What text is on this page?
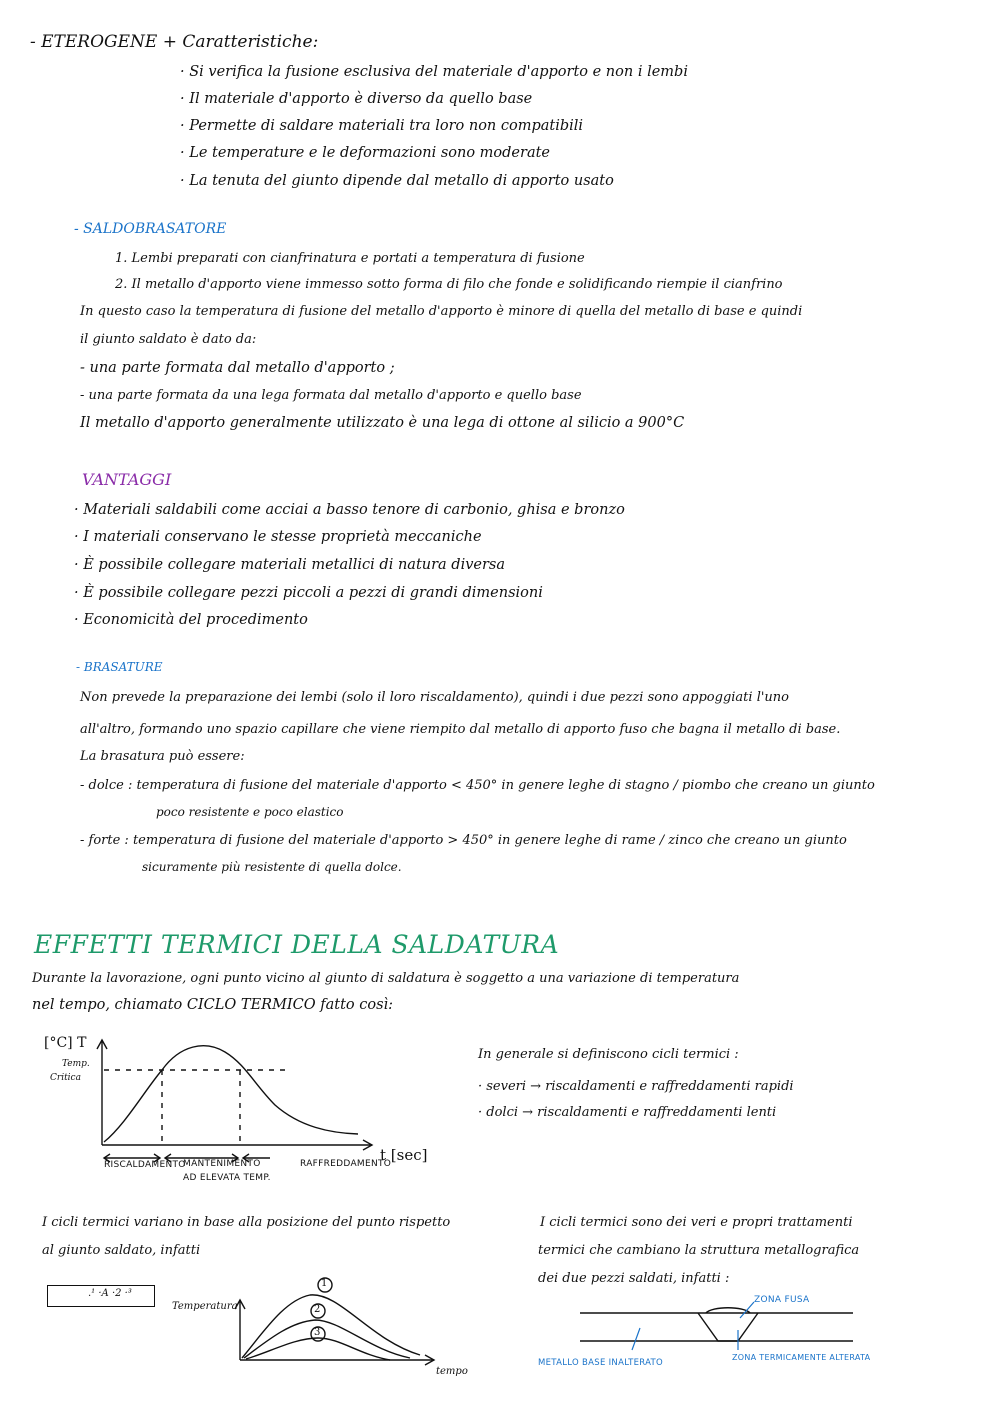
- ETEROGENE + Caratteristiche:
· Si verifica la fusione esclusiva del materiale d'apporto e non i lembi
· Il materiale d'apporto è diverso da quello base
· Permette di saldare materiali tra loro non compatibili
· Le temperature e le deformazioni sono moderate
· La tenuta del giunto dipende dal metallo di apporto usato
- SALDOBRASATORE
1. Lembi preparati con cianfrinatura e portati a temperatura di fusione
2. Il metallo d'apporto viene immesso sotto forma di filo che fonde e solidificando riempie il cianfrino
In questo caso la temperatura di fusione del metallo d'apporto è minore di quella del metallo di base e quindi
il giunto saldato è dato da:
- una parte formata dal metallo d'apporto ;
- una parte formata da una lega formata dal metallo d'apporto e quello base
Il metallo d'apporto generalmente utilizzato è una lega di ottone al silicio a 900°C
VANTAGGI
· Materiali saldabili come acciai a basso tenore di carbonio, ghisa e bronzo
· I materiali conservano le stesse proprietà meccaniche
· È possibile collegare materiali metallici di natura diversa
· È possibile collegare pezzi piccoli a pezzi di grandi dimensioni
· Economicità del procedimento
- BRASATURE
Non prevede la preparazione dei lembi (solo il loro riscaldamento), quindi i due pezzi sono appoggiati l'uno
all'altro, formando uno spazio capillare che viene riempito dal metallo di apporto fuso che bagna il metallo di base.
La brasatura può essere:
- dolce : temperatura di fusione del materiale d'apporto < 450° in genere leghe di stagno / piombo che creano un giunto
poco resistente e poco elastico
- forte : temperatura di fusione del materiale d'apporto > 450° in genere leghe di rame / zinco che creano un giunto
sicuramente più resistente di quella dolce.
EFFETTI TERMICI DELLA SALDATURA
Durante la lavorazione, ogni punto vicino al giunto di saldatura è soggetto a una variazione di temperatura
nel tempo, chiamato CICLO TERMICO fatto così:
[°C] T
Temp.
Critica
t [sec]
RISCALDAMENTO
MANTENIMENTO
AD ELEVATA TEMP.
RAFFREDDAMENTO
In generale si definiscono cicli termici :
· severi → riscaldamenti e raffreddamenti rapidi
· dolci → riscaldamenti e raffreddamenti lenti
I cicli termici variano in base alla posizione del punto rispetto
al giunto saldato, infatti
.¹ ·A ·2 ·³
Temperatura
tempo
1
2
3
I cicli termici sono dei veri e propri trattamenti
termici che cambiano la struttura metallografica
dei due pezzi saldati, infatti :
ZONA FUSA
METALLO BASE INALTERATO
ZONA TERMICAMENTE ALTERATA
